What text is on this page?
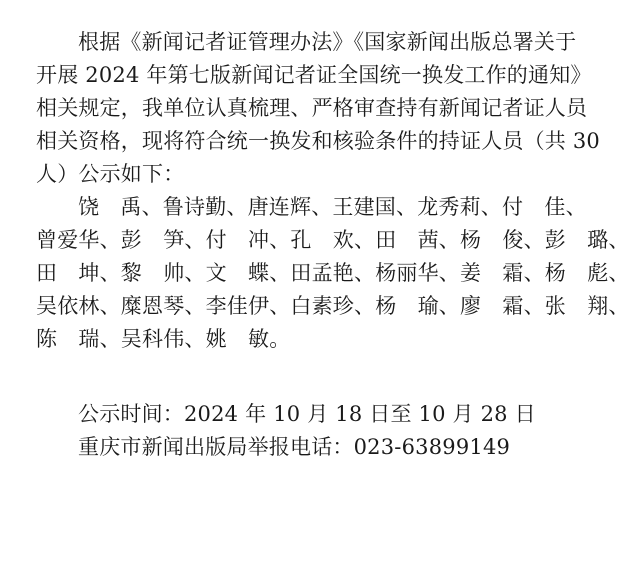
根据《新闻记者证管理办法》《国家新闻出版总署关于

开展 2024 年第七版新闻记者证全国统一换发工作的通知》

相关规定，我单位认真梳理、严格审查持有新闻记者证人员

相关资格，现将符合统一换发和核验条件的持证人员（共 30

人）公示如下：

饶　禹、鲁诗勤、唐连辉、王建国、龙秀莉、付　佳、

曾爱华、彭　笋、付　冲、孔　欢、田　茜、杨　俊、彭　璐、

田　坤、黎　帅、文　蝶、田孟艳、杨丽华、姜　霜、杨　彪、

吴依林、糜恩琴、李佳伊、白素珍、杨　瑜、廖　霜、张　翔、

陈　瑞、吴科伟、姚　敏。

公示时间：2024 年 10 月 18 日至 10 月 28 日

重庆市新闻出版局举报电话：023-63899149
